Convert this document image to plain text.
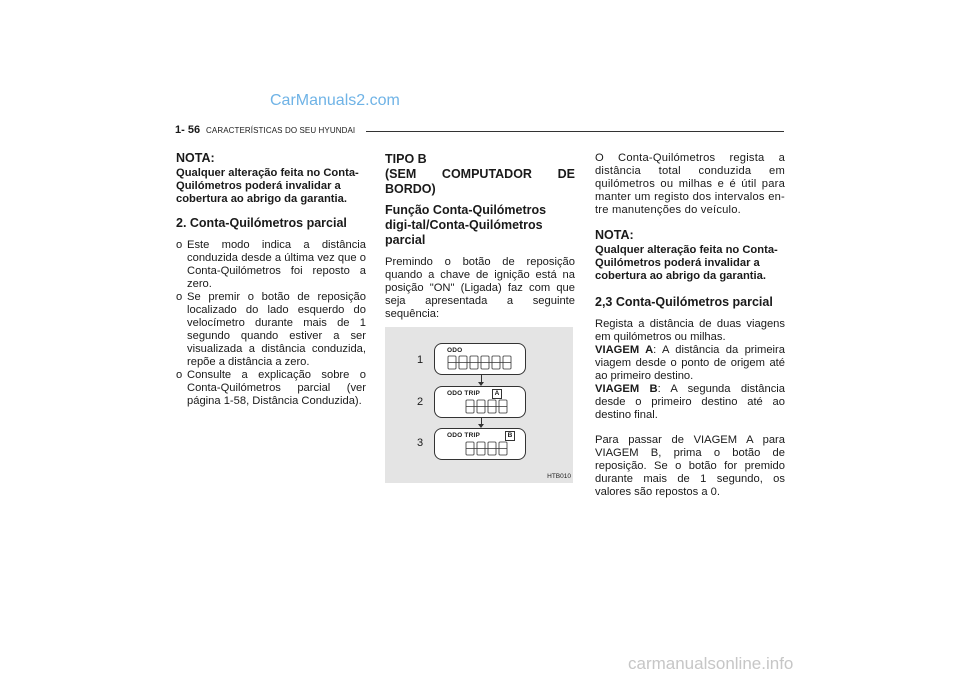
CarManuals2.com
1- 56 CARACTERÍSTICAS DO SEU HYUNDAI
NOTA:
Qualquer alteração feita no Conta-Quilómetros poderá invalidar a cobertura ao abrigo da garantia.
2. Conta-Quilómetros parcial
o Este modo indica a distância conduzida desde a última vez que o Conta-Quilómetros foi reposto a zero.
o Se premir o botão de reposição localizado do lado esquerdo do velocímetro durante mais de 1 segundo quando estiver a ser visualizada a distância conduzida, repõe a distância a zero.
o Consulte a explicação sobre o Conta-Quilómetros parcial (ver página 1-58, Distância Conduzida).
TIPO B
(SEM COMPUTADOR DE
BORDO)
Função Conta-Quilómetros digi-tal/Conta-Quilómetros parcial
Premindo o botão de reposição quando a chave de ignição está na posição "ON" (Ligada) faz com que seja apresentada a seguinte sequência:
1
ODO
2
ODO TRIP	A
3
ODO TRIP	B
HTB010
O Conta-Quilómetros regista a distância total conduzida em quilómetros ou milhas e é útil para manter um registo dos intervalos en-tre manutenções do veículo.
NOTA:
Qualquer alteração feita no Conta-Quilómetros poderá invalidar a cobertura ao abrigo da garantia.
2,3 Conta-Quilómetros parcial
Regista a distância de duas viagens em quilómetros ou milhas.
VIAGEM A: A distância da primeira viagem desde o ponto de origem até ao primeiro destino.
VIAGEM B: A segunda distância desde o primeiro destino até ao destino final.
Para passar de VIAGEM A para VIAGEM B, prima o botão de reposição. Se o botão for premido durante mais de 1 segundo, os valores são repostos a 0.
carmanualsonline.info
